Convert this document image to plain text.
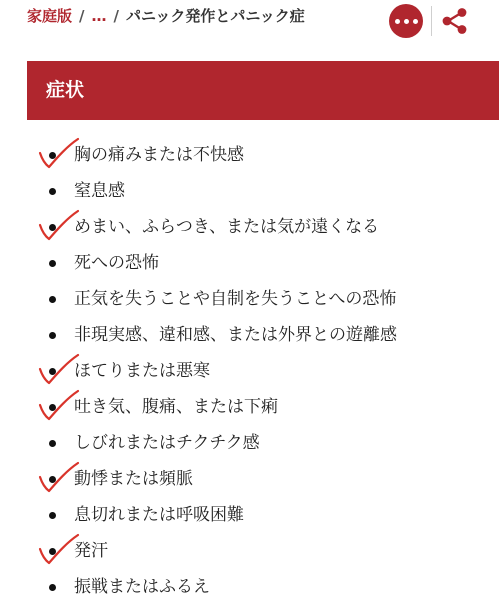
家庭版 / … / パニック発作とパニック症
症状
胸の痛みまたは不快感
窒息感
めまい、ふらつき、または気が遠くなる
死への恐怖
正気を失うことや自制を失うことへの恐怖
非現実感、違和感、または外界との遊離感
ほてりまたは悪寒
吐き気、腹痛、または下痢
しびれまたはチクチク感
動悸または頻脈
息切れまたは呼吸困難
発汗
振戦またはふるえ
